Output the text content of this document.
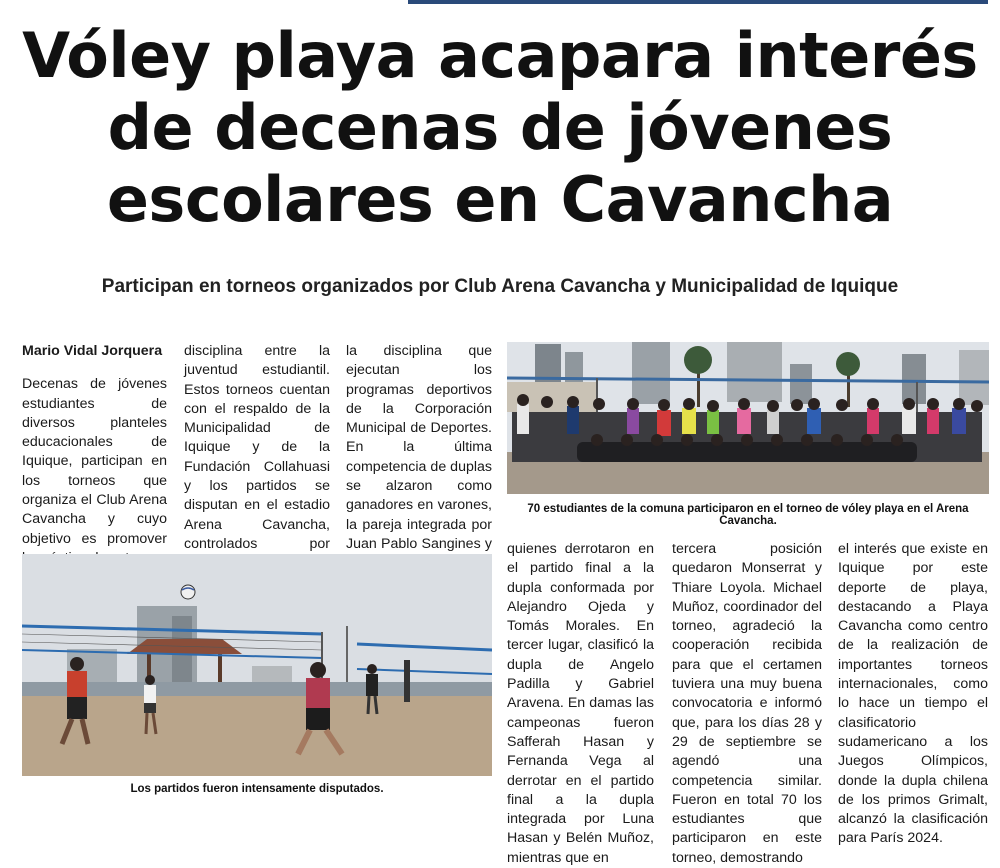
Vóley playa acapara interés
de decenas de jóvenes
escolares en Cavancha
Participan en torneos organizados por Club Arena Cavancha y Municipalidad de Iquique
Mario Vidal Jorquera
Decenas de jóvenes estudiantes de diversos planteles educacionales de Iquique, participan en los torneos que organiza el Club Arena Cavancha y cuyo objetivo es promover
disciplina entre la juventud estudiantil. Estos torneos cuentan con el respaldo de la Municipalidad de Iquique y de la Fundación Collahuasi y los partidos se disputan en el estadio Arena Cavancha, controlados por
la disciplina que ejecutan los programas deportivos de la Corporación Municipal de Deportes. En la última competencia de duplas se alzaron como ganadores en varones, la pareja integrada por Juan Pablo Sangines y
70 estudiantes de la comuna participaron en el torneo de vóley playa en el Arena Cavancha.
Los partidos fueron intensamente disputados.
quienes derrotaron en el partido final a la dupla conformada por Alejandro Ojeda y Tomás Morales. En tercer lugar, clasificó la dupla de Angelo Padilla y Gabriel Aravena. En damas las campeonas fueron Safferah Hasan y Fernanda Vega al derrotar en el partido final a la dupla integrada por Luna Hasan y Belén Muñoz, mientras que en
tercera posición quedaron Monserrat y Thiare Loyola. Michael Muñoz, coordinador del torneo, agradeció la cooperación recibida para que el certamen tuviera una muy buena convocatoria e informó que, para los días 28 y 29 de septiembre se agendó una competencia similar. Fueron en total 70 los estudiantes que participaron en este torneo, demostrando
el interés que existe en Iquique por este deporte de playa, destacando a Playa Cavancha como centro de la realización de importantes torneos internacionales, como lo hace un tiempo el clasificatorio sudamericano a los Juegos Olímpicos, donde la dupla chilena de los primos Grimalt, alcanzó la clasificación para París 2024.
